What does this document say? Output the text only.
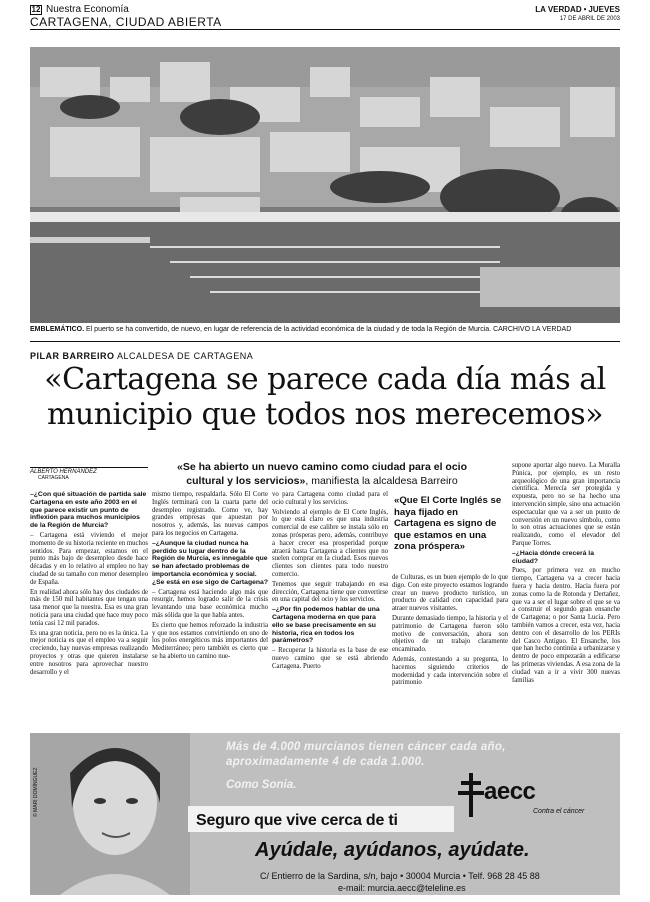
12 Nuestra Economía
CARTAGENA, CIUDAD ABIERTA
LA VERDAD • JUEVES
17 DE ABRIL DE 2003
EMBLEMÁTICO. El puerto se ha convertido, de nuevo, en lugar de referencia de la actividad económica de la ciudad y de toda la Región de Murcia. CARCHIVO LA VERDAD
PILAR BARREIRO ALCALDESA DE CARTAGENA
«Cartagena se parece cada día más al
municipio que todos nos merecemos»
ALBERTO HERNÁNDEZ
CARTAGENA
«Se ha abierto un nuevo camino como ciudad para el ocio
cultural y los servicios», manifiesta la alcaldesa Barreiro

–¿Con qué situación de partida sale Cartagena en este año 2003 en el que parece existir un punto de inflexión para muchos municipios de la Región de Murcia?

– Cartagena está viviendo el mejor momento de su historia reciente en muchos sentidos. Para empezar, estamos en el punto más bajo de desempleo desde hace décadas y en lo relativo al empleo no hay ciudad de su tamaño con menor desempleo de España.

En realidad ahora sólo hay dos ciudades de más de 150 mil habitantes que tengan una tasa menor que la nuestra. Esa es una gran noticia para una ciudad que hace muy poco tenía casi 12 mil parados.

Es una gran noticia, pero no es la única. La mejor noticia es que el empleo va a seguir creciendo, hay nuevas empresas realizando proyectos y otras que quieren instalarse entre nosotros para aprovechar nuestro desarrollo y el

mismo tiempo, respaldarla. Sólo El Corte Inglés terminará con la cuarta parte del desempleo registrado. Como ve, hay grandes empresas que apuestan por nosotros y, además, las nuevas campos para los negocios en Cartagena.

–¿Aunque la ciudad nunca ha perdido su lugar dentro de la Región de Murcia, es innegable que se han afectado problemas de importancia económica y social. ¿Se está en ese sigo de Cartagena?

– Cartagena está haciendo algo más que resurgir, hemos logrado salir de la crisis levantando una base económica mucho más sólida que la que había antes.

Es cierto que hemos reforzado la industria y que nos estamos convirtiendo en uno de los polos energéticos más importantes del Mediterráneo; pero también es cierto que se ha abierto un camino nue-

vo para Cartagena como ciudad para el ocio cultural y los servicios.

Volviendo al ejemplo de El Corte Inglés, lo que está claro es que una industria comercial de ese calibre se instala sólo en zonas prósperas pero, además, contribuye a hacer crecer esa prosperidad porque atraerá hasta Cartagena a clientes que no suelen comprar en la ciudad. Esos nuevos clientes son clientes para todo nuestro comercio.

Tenemos que seguir trabajando en esa dirección, Cartagena tiene que convertirse en una capital del ocio y los servicios.

–¿Por fin podemos hablar de una Cartagena moderna en que para ello se base precisamente en su historia, rica en todos los parámetros?

– Recuperar la historia es la base de ese nuevo camino que se está abriendo Cartagena. Puerto

«Que El Corte Inglés se haya fijado en Cartagena es signo de que estamos en una zona próspera»

de Culturas, es un buen ejemplo de lo que digo. Con este proyecto estamos logrando crear un nuevo producto turístico, un producto de calidad con capacidad para atraer nuevos visitantes.

Durante demasiado tiempo, la historia y el patrimonio de Cartagena fueron sólo motivo de conversación, ahora son objetivo de un trabajo claramente encaminado.

Además, contestando a su pregunta, lo hacemos siguiendo criterios de modernidad y cada intervención sobre el patrimonio

supone aportar algo nuevo. La Muralla Púnica, por ejemplo, es un resto arqueológico de una gran importancia científica. Merecía ser protegida y expuesta, pero no se ha hecho una intervención simple, sino una actuación espectacular que va a ser un punto de conversión en un nuevo símbolo, como lo son otras actuaciones que se están realizando, como el elevador del Parque Torres.

–¿Hacia dónde crecerá la ciudad?

Pues, por primera vez en mucho tiempo, Cartagena va a crecer hacia fuera y hacia dentro. Hacia fuera por zonas como la de Rotonda y Dertañez, que va a ser el lugar sobre el que se va a construir el segundo gran ensanche de Cartagena; o por Santa Lucía. Pero también vamos a crecer, esta vez, hacia dentro con el desarrollo de los PERIs del Casco Antiguo. El Ensanche, los que han hecho continúa a urbanizarse y dentro de poco empezarán a edificarse las primeras viviendas. A esa zona de la ciudad van a ir a vivir 300 nuevas familias

© MARI DOMÍNGUEZ
Más de 4.000 murcianos tienen cáncer cada año,
aproximadamente 4 de cada 1.000.
Como Sonia.	aecc
Contra el cáncer
Seguro que vive cerca de ti
Ayúdale, ayúdanos, ayúdate.
C/ Entierro de la Sardina, s/n, bajo • 30004 Murcia • Telf. 968 28 45 88
e-mail: murcia.aecc@teleline.es
